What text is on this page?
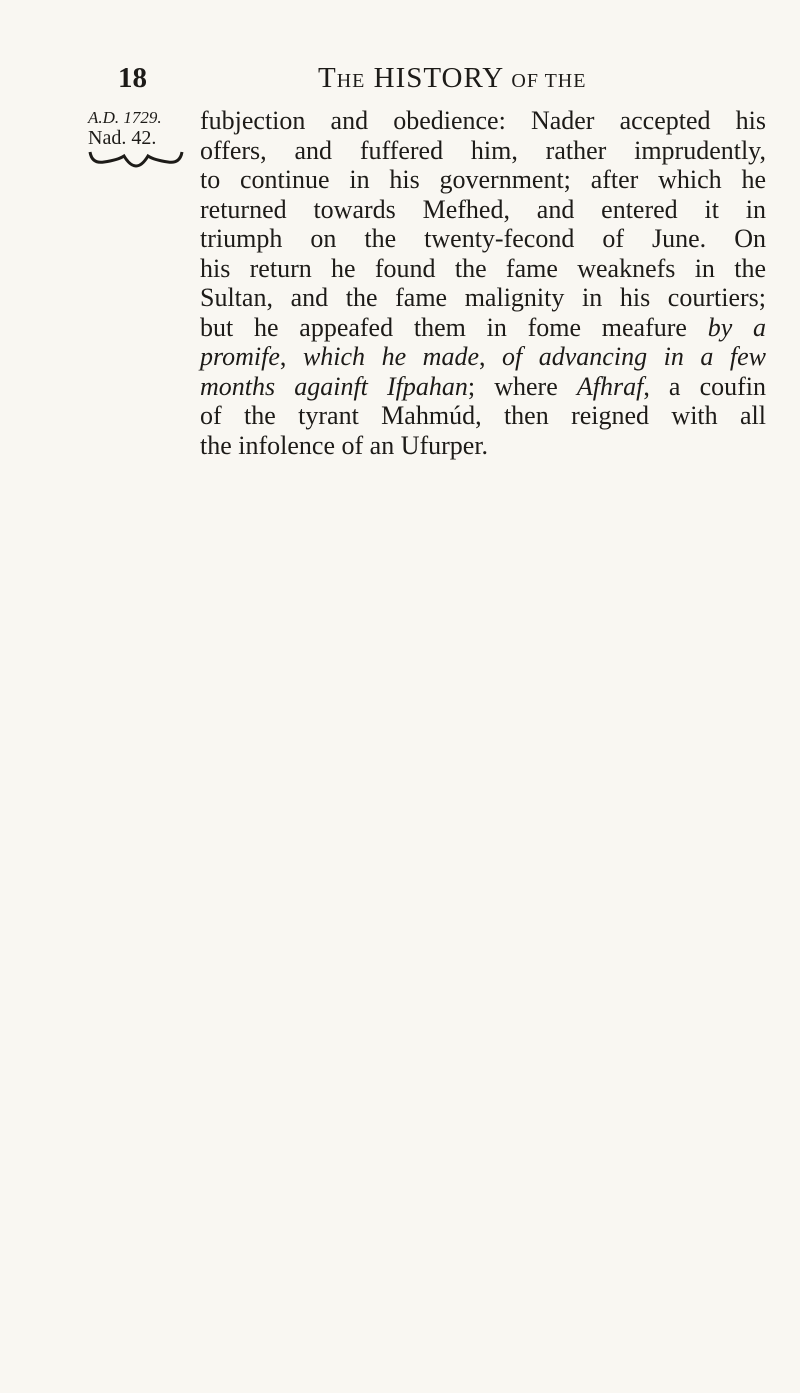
18	THE HISTORY OF THE
A.D. 1729.
Nad. 42.
fubjection and obedience: Nader accepted his
offers, and fuffered him, rather imprudently,
to continue in his government; after which he
returned towards Mefhed, and entered it in
triumph on the twenty-fecond of June. On
his return he found the fame weaknefs in the
Sultan, and the fame malignity in his courtiers;
but he appeafed them in fome meafure by a
promife, which he made, of advancing in a few
months againft Ifpahan; where Afhraf, a coufin
of the tyrant Mahmúd, then reigned with all
the infolence of an Ufurper.
